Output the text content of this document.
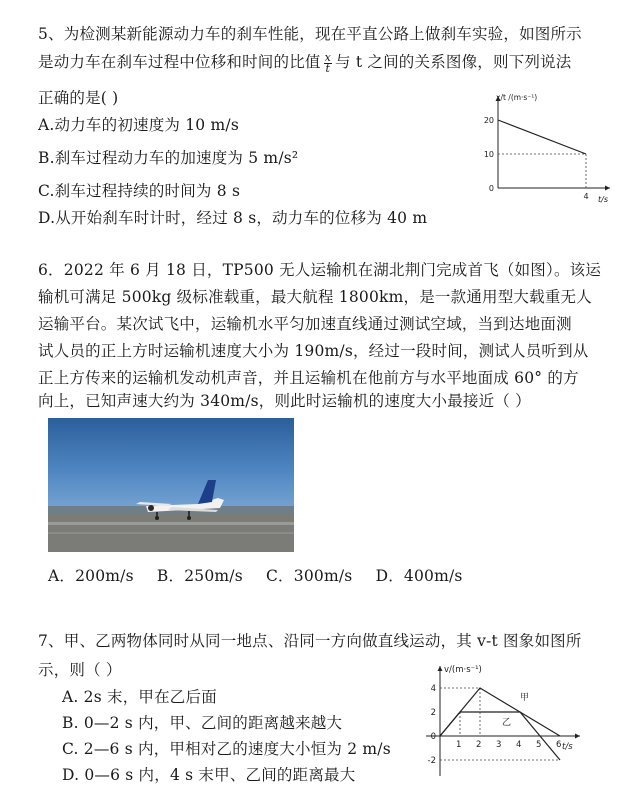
5、为检测某新能源动力车的刹车性能，现在平直公路上做刹车实验，如图所示
是动力车在刹车过程中位移和时间的比值 $\frac{x}{t}$ 与 t 之间的关系图像，则下列说法
正确的是( )
A.动力车的初速度为 10 m/s
B.刹车过程动力车的加速度为 5 m/s²
C.刹车过程持续的时间为 8 s
D.从开始刹车时计时，经过 8 s，动力车的位移为 40 m
x/t /(m·s⁻¹)
t/s
20
10
0
4
6．2022 年 6 月 18 日，TP500 无人运输机在湖北荆门完成首飞（如图）。该运
输机可满足 500kg 级标准载重，最大航程 1800km，是一款通用型大载重无人
运输平台。某次试飞中，运输机水平匀加速直线通过测试空域，当到达地面测
试人员的正上方时运输机速度大小为 190m/s，经过一段时间，测试人员听到从
正上方传来的运输机发动机声音，并且运输机在他前方与水平地面成 60° 的方
向上，已知声速大约为 340m/s，则此时运输机的速度大小最接近（ ）
A．200m/s B．250m/s C．300m/s D．400m/s
7、甲、乙两物体同时从同一地点、沿同一方向做直线运动，其 v-t 图象如图所
示，则（ ）
A. 2s 末，甲在乙后面
B. 0—2 s 内，甲、乙间的距离越来越大
C. 2—6 s 内，甲相对乙的速度大小恒为 2 m/s
D. 0—6 s 内，4 s 末甲、乙间的距离最大
v/(m·s⁻¹)
t/s
4
2
0
-2
1 2 3 4 5 6
甲
乙
